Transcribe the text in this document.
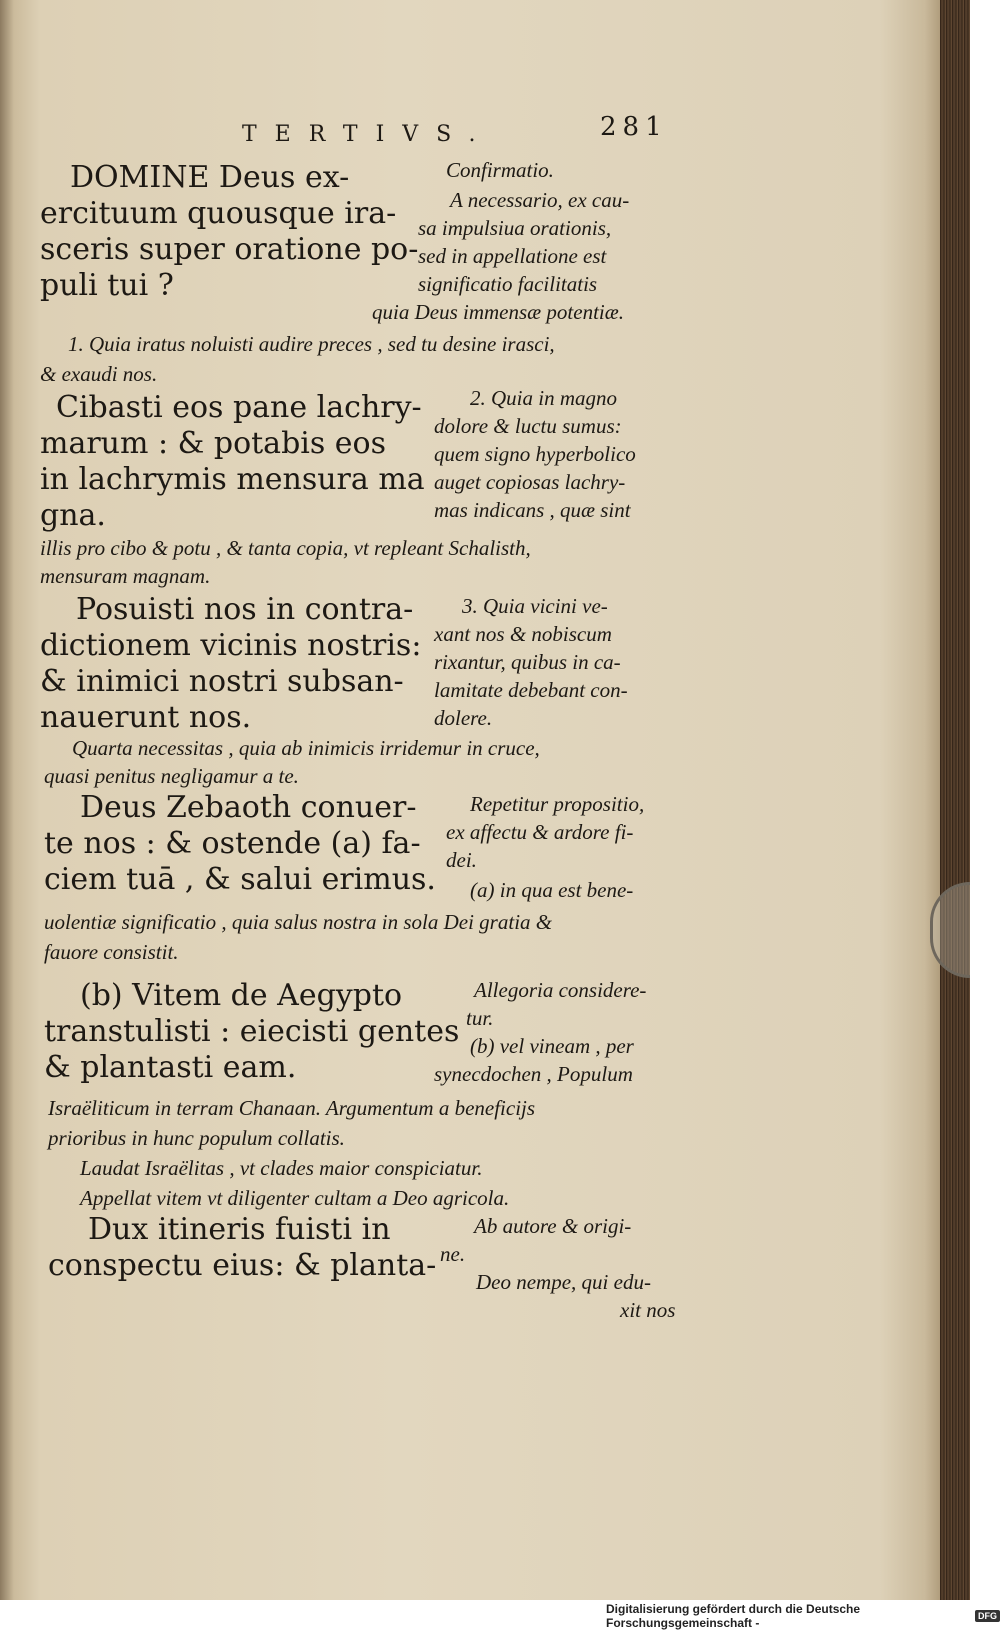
TERTIVS.	281
DOMINE Deus ex-
ercituum quousque ira-
sceris super oratione po-
puli tui ?
Confirmatio.
A necessario, ex cau-
sa impulsiua orationis,
sed in appellatione est
significatio facilitatis
quia Deus immensæ potentiæ.
1. Quia iratus noluisti audire preces , sed tu desine irasci,
& exaudi nos.
Cibasti eos pane lachry-
marum : & potabis eos
in lachrymis mensura ma
gna.
2. Quia in magno
dolore & luctu sumus:
quem signo hyperbolico
auget copiosas lachry-
mas indicans , quæ sint
illis pro cibo & potu , & tanta copia, vt repleant Schalisth,
mensuram magnam.
Posuisti nos in contra-
dictionem vicinis nostris:
& inimici nostri subsan-
nauerunt nos.
3. Quia vicini ve-
xant nos & nobiscum
rixantur, quibus in ca-
lamitate debebant con-
dolere.
Quarta necessitas , quia ab inimicis irridemur in cruce,
quasi penitus negligamur a te.
Deus Zebaoth conuer-
te nos : & ostende (a) fa-
ciem tuā , & salui erimus.
Repetitur propositio,
ex affectu & ardore fi-
dei.
(a) in qua est bene-
uolentiæ significatio , quia salus nostra in sola Dei gratia &
fauore consistit.
(b) Vitem de Aegypto
transtulisti : eiecisti gentes
& plantasti eam.
Allegoria considere-
tur.
(b) vel vineam , per
synecdochen , Populum
Israëliticum in terram Chanaan. Argumentum a beneficijs
prioribus in hunc populum collatis.
Laudat Israëlitas , vt clades maior conspiciatur.
Appellat vitem vt diligenter cultam a Deo agricola.
Dux itineris fuisti in
conspectu eius: & planta-
Ab autore & origi-
ne.
Deo nempe, qui edu-
xit nos
Digitalisierung gefördert durch die Deutsche Forschungsgemeinschaft -	DFG
